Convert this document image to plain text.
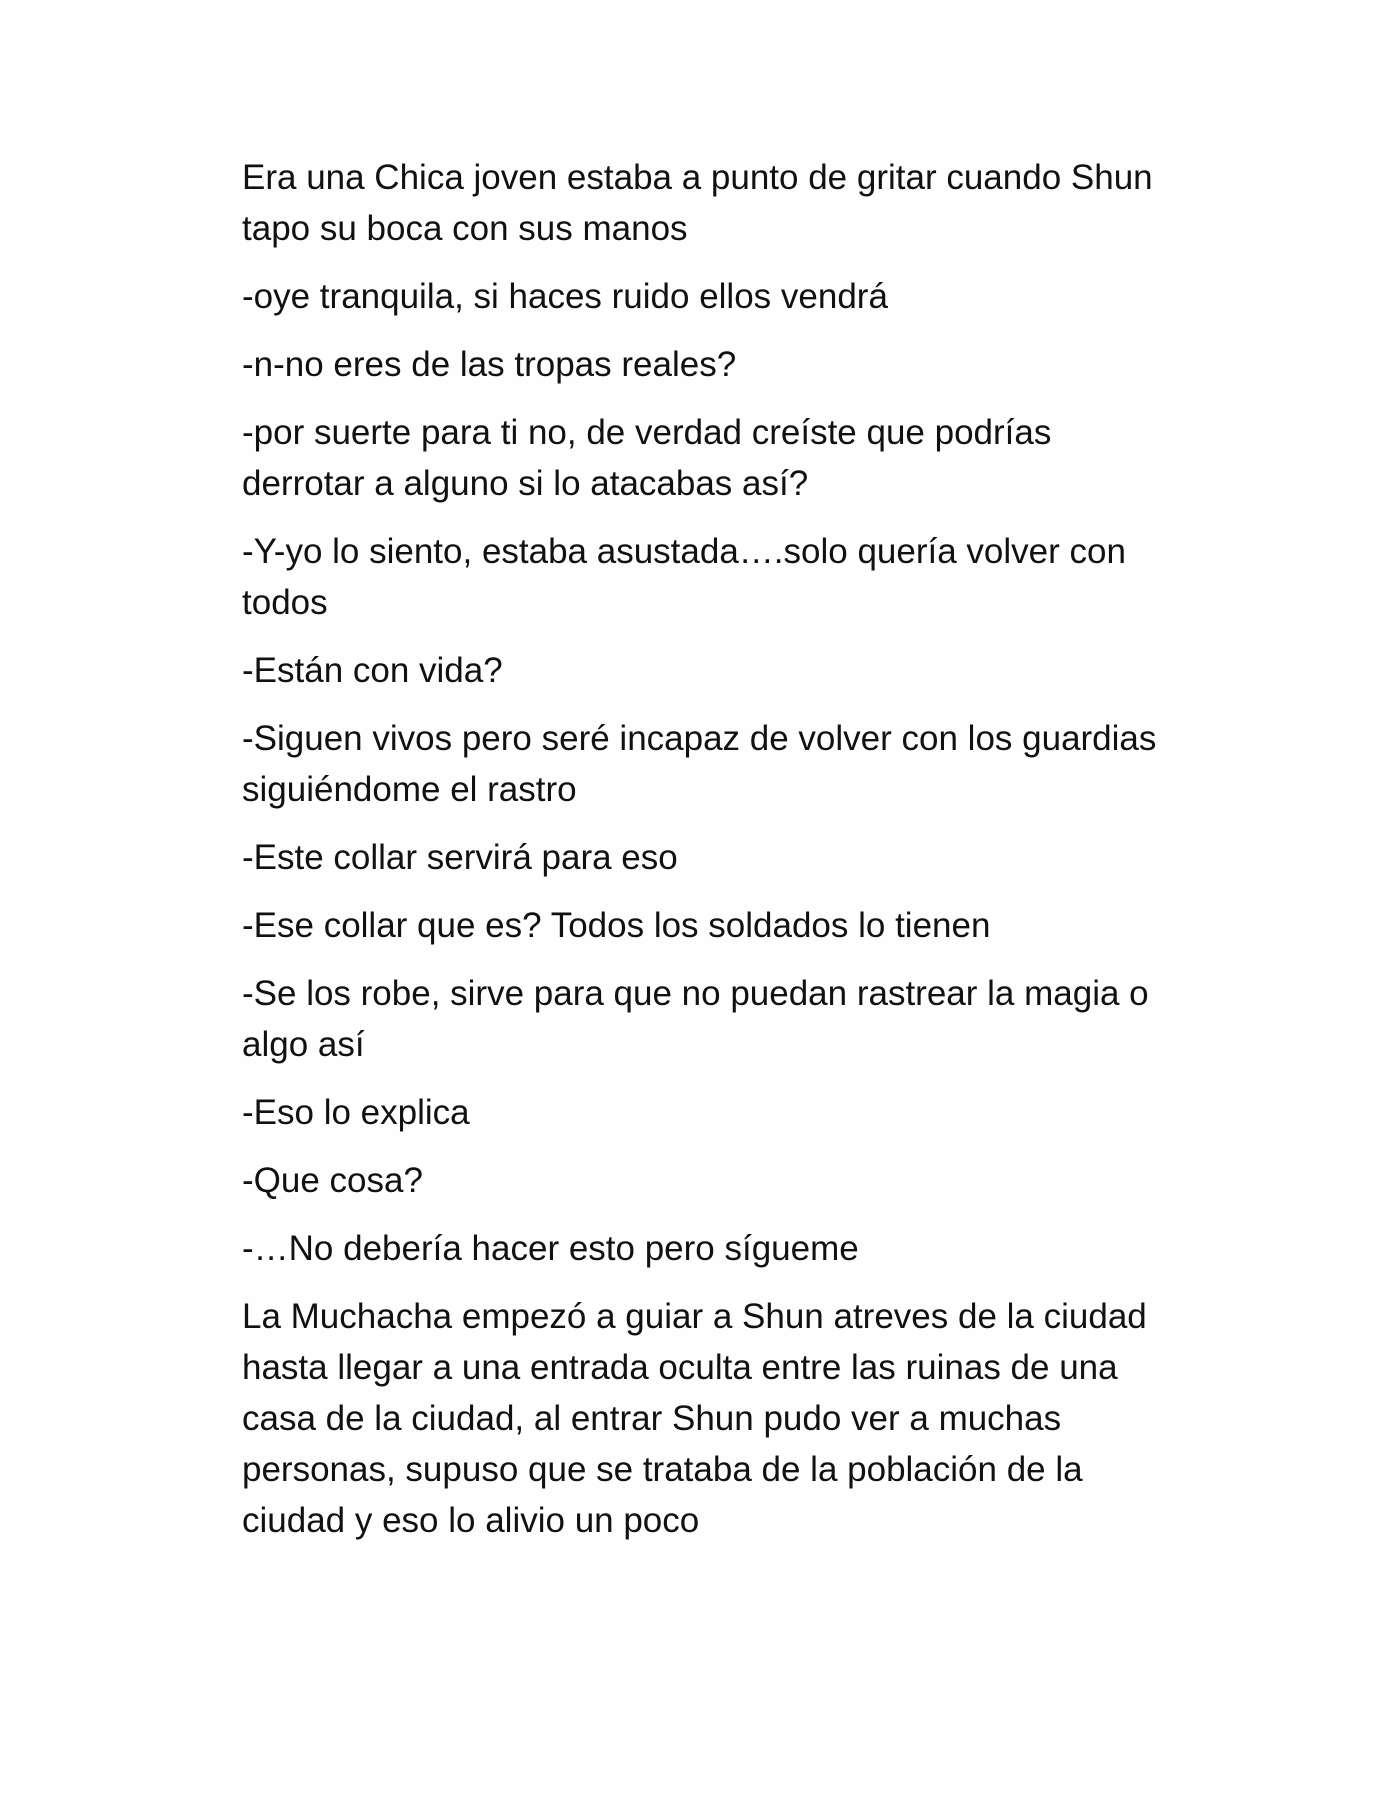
Era una Chica joven estaba a punto de gritar cuando Shun tapo su boca con sus manos

-oye tranquila, si haces ruido ellos vendrá

-n-no eres de las tropas reales?

-por suerte para ti no, de verdad creíste que podrías derrotar a alguno si lo atacabas así?

-Y-yo lo siento, estaba asustada….solo quería volver con todos

-Están con vida?

-Siguen vivos pero seré incapaz de volver con los guardias siguiéndome el rastro

-Este collar servirá para eso

-Ese collar que es? Todos los soldados lo tienen

-Se los robe, sirve para que no puedan rastrear la magia o algo así

-Eso lo explica

-Que cosa?

-…No debería hacer esto pero sígueme

La Muchacha empezó a guiar a Shun atreves de la ciudad hasta llegar a una entrada oculta entre las ruinas de una casa de la ciudad, al entrar Shun pudo ver a muchas personas, supuso que se trataba de la población de la ciudad y eso lo alivio un poco
